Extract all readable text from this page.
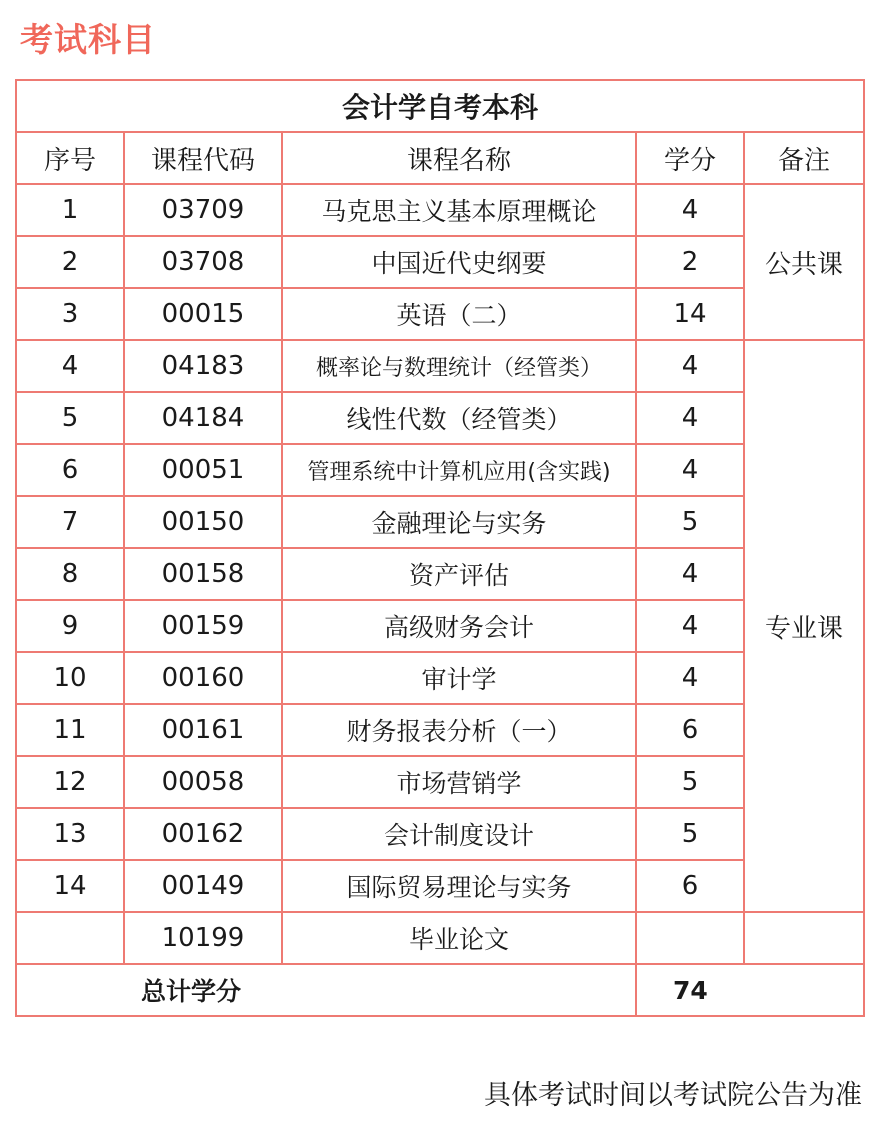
考试科目
会计学自考本科				
序号	课程代码	课程名称	学分	备注
1	03709	马克思主义基本原理概论	4	公共课
2	03708	中国近代史纲要	2	
3	00015	英语（二）	14	
4	04183	概率论与数理统计（经管类）	4	专业课
5	04184	线性代数（经管类）	4	
6	00051	管理系统中计算机应用(含实践)	4	
7	00150	金融理论与实务	5	
8	00158	资产评估	4	
9	00159	高级财务会计	4	
10	00160	审计学	4	
11	00161	财务报表分析（一）	6	
12	00058	市场营销学	5	
13	00162	会计制度设计	5	
14	00149	国际贸易理论与实务	6	
	10199	毕业论文		
总计学分			74	

具体考试时间以考试院公告为准
